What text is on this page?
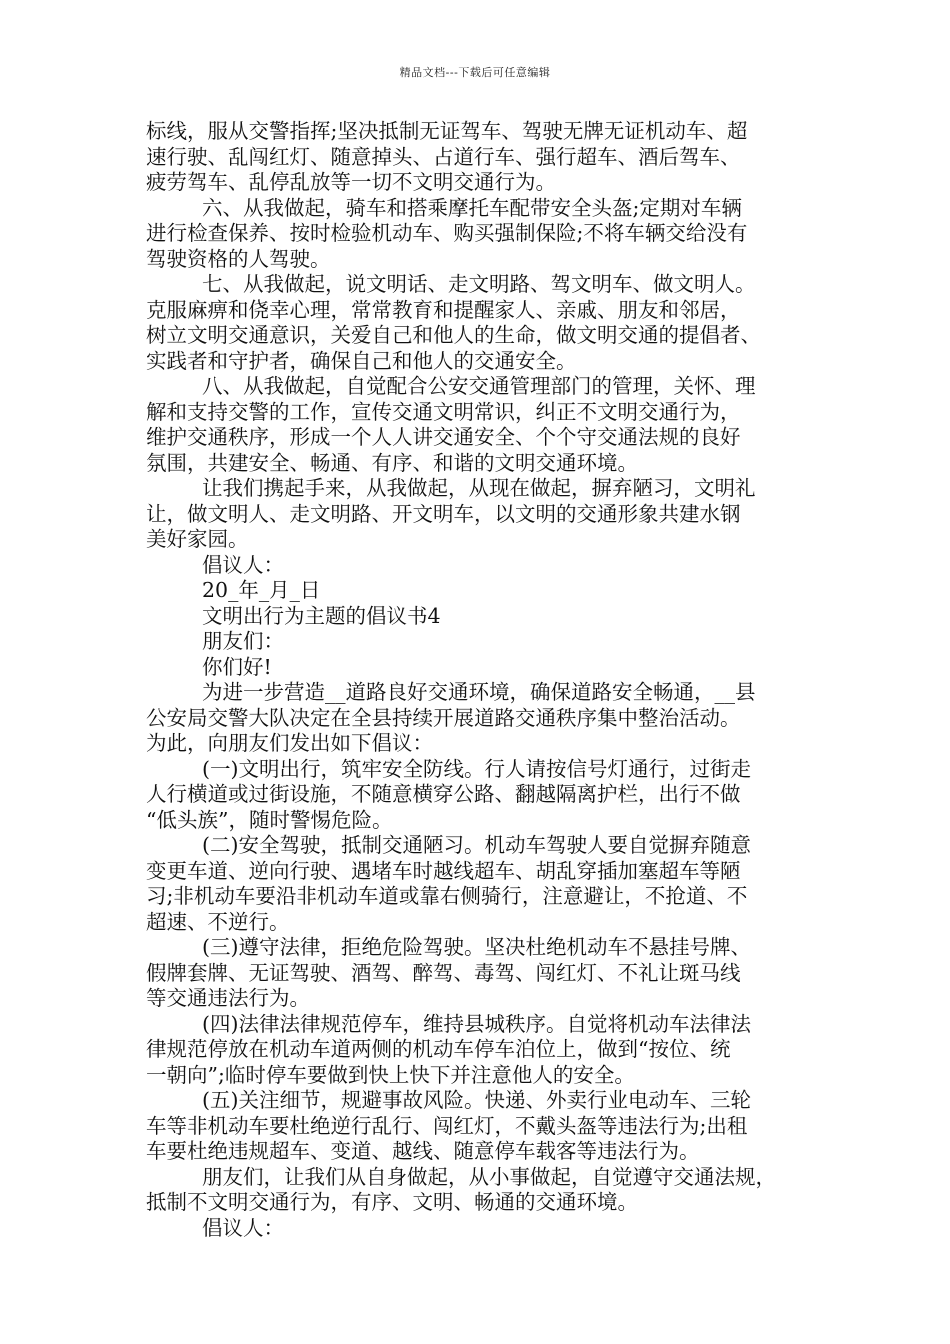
精品文档---下载后可任意编辑
标线，服从交警指挥;坚决抵制无证驾车、驾驶无牌无证机动车、超
速行驶、乱闯红灯、随意掉头、占道行车、强行超车、酒后驾车、
疲劳驾车、乱停乱放等一切不文明交通行为。
六、从我做起，骑车和搭乘摩托车配带安全头盔;定期对车辆
进行检查保养、按时检验机动车、购买强制保险;不将车辆交给没有
驾驶资格的人驾驶。
七、从我做起，说文明话、走文明路、驾文明车、做文明人。
克服麻痹和侥幸心理，常常教育和提醒家人、亲戚、朋友和邻居，
树立文明交通意识，关爱自己和他人的生命，做文明交通的提倡者、
实践者和守护者，确保自己和他人的交通安全。
八、从我做起，自觉配合公安交通管理部门的管理，关怀、理
解和支持交警的工作，宣传交通文明常识，纠正不文明交通行为，
维护交通秩序，形成一个人人讲交通安全、个个守交通法规的良好
氛围，共建安全、畅通、有序、和谐的文明交通环境。
让我们携起手来，从我做起，从现在做起，摒弃陋习，文明礼
让，做文明人、走文明路、开文明车，以文明的交通形象共建水钢
美好家园。
倡议人：
20_年_月_日
文明出行为主题的倡议书4
朋友们：
你们好!
为进一步营造__道路良好交通环境，确保道路安全畅通，__县
公安局交警大队决定在全县持续开展道路交通秩序集中整治活动。
为此，向朋友们发出如下倡议：
(一)文明出行，筑牢安全防线。行人请按信号灯通行，过街走
人行横道或过街设施，不随意横穿公路、翻越隔离护栏，出行不做
“低头族”，随时警惕危险。
(二)安全驾驶，抵制交通陋习。机动车驾驶人要自觉摒弃随意
变更车道、逆向行驶、遇堵车时越线超车、胡乱穿插加塞超车等陋
习;非机动车要沿非机动车道或靠右侧骑行，注意避让，不抢道、不
超速、不逆行。
(三)遵守法律，拒绝危险驾驶。坚决杜绝机动车不悬挂号牌、
假牌套牌、无证驾驶、酒驾、醉驾、毒驾、闯红灯、不礼让斑马线
等交通违法行为。
(四)法律法律规范停车，维持县城秩序。自觉将机动车法律法
律规范停放在机动车道两侧的机动车停车泊位上，做到“按位、统
一朝向”;临时停车要做到快上快下并注意他人的安全。
(五)关注细节，规避事故风险。快递、外卖行业电动车、三轮
车等非机动车要杜绝逆行乱行、闯红灯，不戴头盔等违法行为;出租
车要杜绝违规超车、变道、越线、随意停车载客等违法行为。
朋友们，让我们从自身做起，从小事做起，自觉遵守交通法规，
抵制不文明交通行为，有序、文明、畅通的交通环境。
倡议人：
